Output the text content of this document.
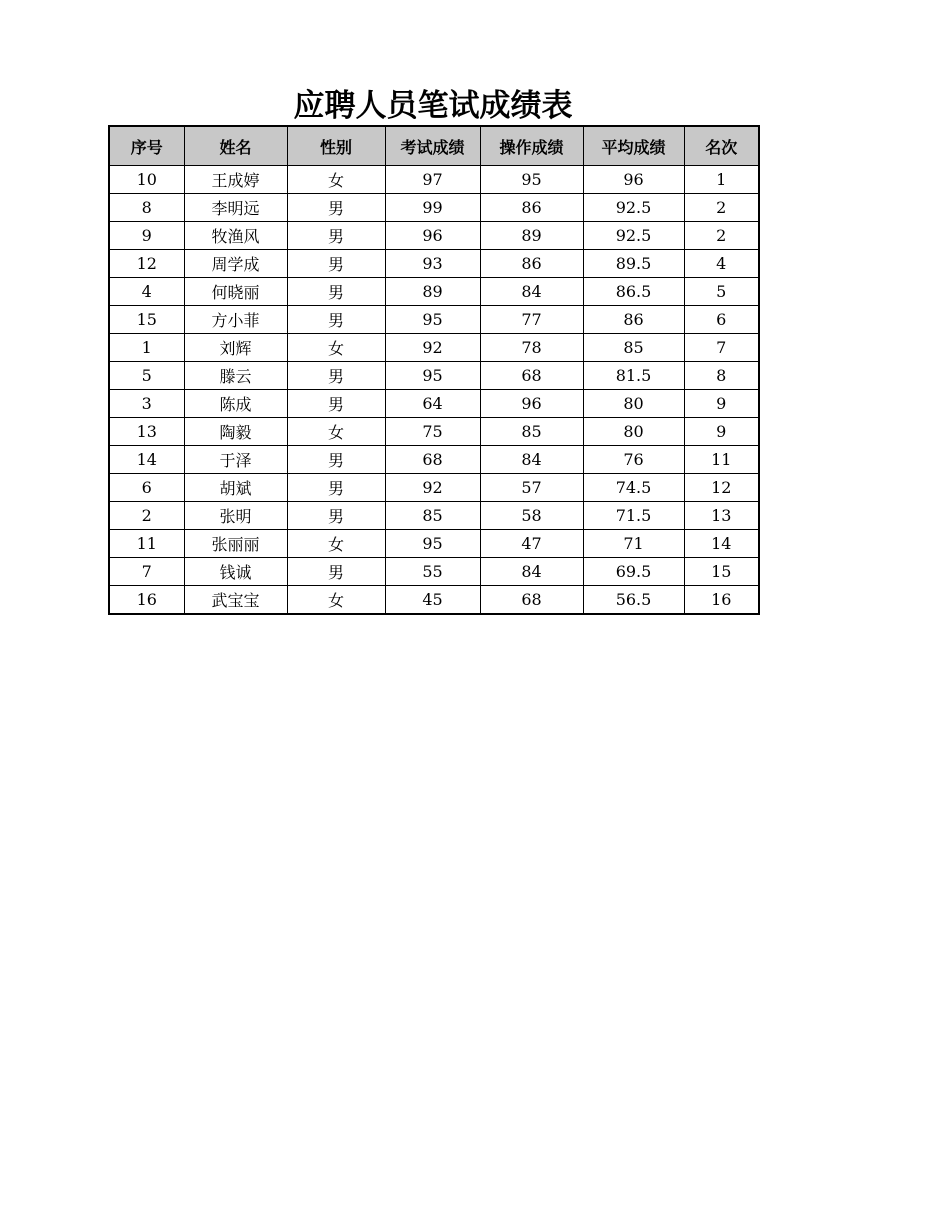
应聘人员笔试成绩表
序号	姓名	性别	考试成绩	操作成绩	平均成绩	名次
10	王成婷	女	97	95	96	1
8	李明远	男	99	86	92.5	2
9	牧渔风	男	96	89	92.5	2
12	周学成	男	93	86	89.5	4
4	何晓丽	男	89	84	86.5	5
15	方小菲	男	95	77	86	6
1	刘辉	女	92	78	85	7
5	滕云	男	95	68	81.5	8
3	陈成	男	64	96	80	9
13	陶毅	女	75	85	80	9
14	于泽	男	68	84	76	11
6	胡斌	男	92	57	74.5	12
2	张明	男	85	58	71.5	13
11	张丽丽	女	95	47	71	14
7	钱诚	男	55	84	69.5	15
16	武宝宝	女	45	68	56.5	16
